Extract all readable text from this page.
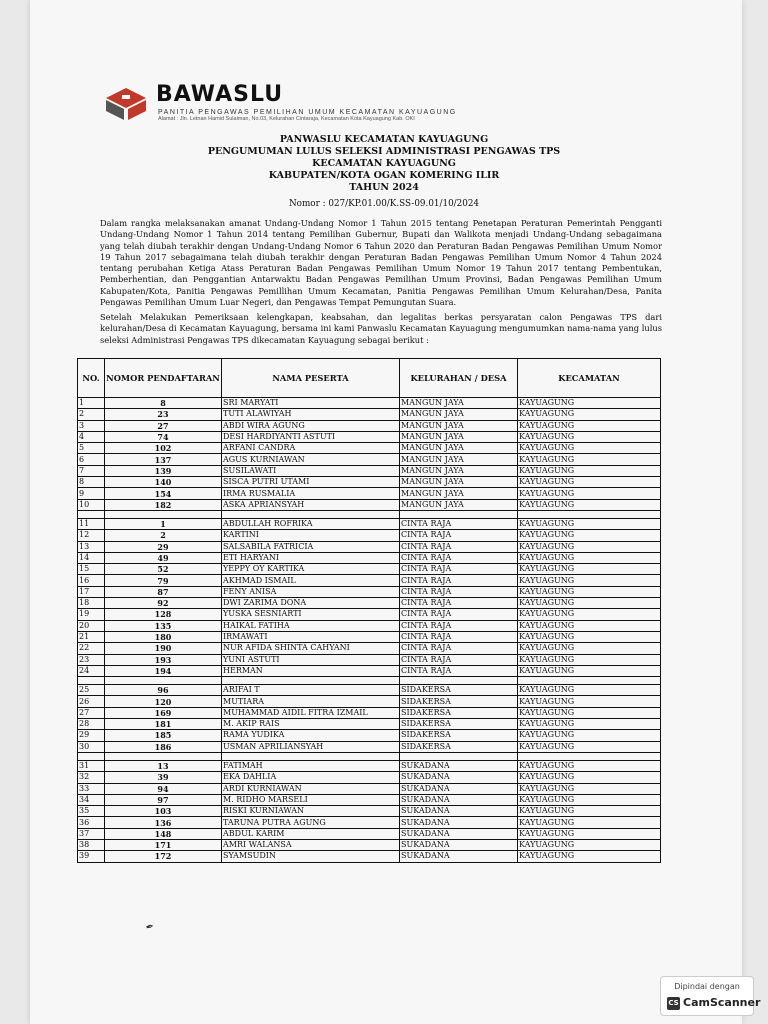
BAWASLU
PANITIA PENGAWAS PEMILIHAN UMUM KECAMATAN KAYUAGUNG
Alamat : Jln. Letnan Hamid Sulaiman, No.03, Kelurahan Cintaraja, Kecamatan Kota Kayuagung Kab. OKI
PANWASLU KECAMATAN KAYUAGUNG
PENGUMUMAN LULUS SELEKSI ADMINISTRASI PENGAWAS TPS
KECAMATAN KAYUAGUNG
KABUPATEN/KOTA OGAN KOMERING ILIR
TAHUN 2024
Nomor : 027/KP.01.00/K.SS-09.01/10/2024
Dalam rangka melaksanakan amanat Undang-Undang Nomor 1 Tahun 2015 tentang Penetapan Peraturan Pemerintah Pengganti Undang-Undang Nomor 1 Tahun 2014 tentang Pemilihan Gubernur, Bupati dan Walikota menjadi Undang-Undang sebagaimana yang telah diubah terakhir dengan Undang-Undang Nomor 6 Tahun 2020 dan Peraturan Badan Pengawas Pemilihan Umum Nomor 19 Tahun 2017 sebagaimana telah diubah terakhir dengan Peraturan Badan Pengawas Pemilihan Umum Nomor 4 Tahun 2024 tentang perubahan Ketiga Atass Peraturan Badan Pengawas Pemilihan Umum Nomor 19 Tahun 2017 tentang Pembentukan, Pemberhentian, dan Penggantian Antarwaktu Badan Pengawas Pemilihan Umum Provinsi, Badan Pengawas Pemilihan Umum Kabupaten/Kota, Panitia Pengawas Pemillihan Umum Kecamatan, Panitia Pengawas Pemilihan Umum Kelurahan/Desa, Panita Pengawas Pemilihan Umum Luar Negeri, dan Pengawas Tempat Pemungutan Suara.
Setelah Melakukan Pemeriksaan kelengkapan, keabsahan, dan legalitas berkas persyaratan calon Pengawas TPS dari kelurahan/Desa di Kecamatan Kayuagung, bersama ini kami Panwaslu Kecamatan Kayuagung mengumumkan nama-nama yang lulus seleksi Administrasi Pengawas TPS dikecamatan Kayuagung sebagai berikut :
NO.	NOMOR PENDAFTARAN	NAMA PESERTA	KELURAHAN / DESA	KECAMATAN
1	8	SRI MARYATI	MANGUN JAYA	KAYUAGUNG
2	23	TUTI ALAWIYAH	MANGUN JAYA	KAYUAGUNG
3	27	ABDI WIRA AGUNG	MANGUN JAYA	KAYUAGUNG
4	74	DESI HARDIYANTI ASTUTI	MANGUN JAYA	KAYUAGUNG
5	102	ARFANI CANDRA	MANGUN JAYA	KAYUAGUNG
6	137	AGUS KURNIAWAN	MANGUN JAYA	KAYUAGUNG
7	139	SUSILAWATI	MANGUN JAYA	KAYUAGUNG
8	140	SISCA PUTRI UTAMI	MANGUN JAYA	KAYUAGUNG
9	154	IRMA RUSMALIA	MANGUN JAYA	KAYUAGUNG
10	182	ASKA APRIANSYAH	MANGUN JAYA	KAYUAGUNG

11	1	ABDULLAH ROFRIKA	CINTA RAJA	KAYUAGUNG
12	2	KARTINI	CINTA RAJA	KAYUAGUNG
13	29	SALSABILA FATRICIA	CINTA RAJA	KAYUAGUNG
14	49	ETI HARYANI	CINTA RAJA	KAYUAGUNG
15	52	YEPPY OY KARTIKA	CINTA RAJA	KAYUAGUNG
16	79	AKHMAD ISMAIL	CINTA RAJA	KAYUAGUNG
17	87	FENY ANISA	CINTA RAJA	KAYUAGUNG
18	92	DWI ZARIMA DONA	CINTA RAJA	KAYUAGUNG
19	128	YUSKA SESNIARTI	CINTA RAJA	KAYUAGUNG
20	135	HAIKAL FATIHA	CINTA RAJA	KAYUAGUNG
21	180	IRMAWATI	CINTA RAJA	KAYUAGUNG
22	190	NUR AFIDA SHINTA CAHYANI	CINTA RAJA	KAYUAGUNG
23	193	YUNI ASTUTI	CINTA RAJA	KAYUAGUNG
24	194	HERMAN	CINTA RAJA	KAYUAGUNG

25	96	ARIFAI T	SIDAKERSA	KAYUAGUNG
26	120	MUTIARA	SIDAKERSA	KAYUAGUNG
27	169	MUHAMMAD AIDIL FITRA IZMAIL	SIDAKERSA	KAYUAGUNG
28	181	M. AKIP RAIS	SIDAKERSA	KAYUAGUNG
29	185	RAMA YUDIKA	SIDAKERSA	KAYUAGUNG
30	186	USMAN APRILIANSYAH	SIDAKERSA	KAYUAGUNG

31	13	FATIMAH	SUKADANA	KAYUAGUNG
32	39	EKA DAHLIA	SUKADANA	KAYUAGUNG
33	94	ARDI KURNIAWAN	SUKADANA	KAYUAGUNG
34	97	M. RIDHO MARSELI	SUKADANA	KAYUAGUNG
35	103	RISKI KURNIAWAN	SUKADANA	KAYUAGUNG
36	136	TARUNA PUTRA AGUNG	SUKADANA	KAYUAGUNG
37	148	ABDUL KARIM	SUKADANA	KAYUAGUNG
38	171	AMRI WALANSA	SUKADANA	KAYUAGUNG
39	172	SYAMSUDIN	SUKADANA	KAYUAGUNG
✒
Dipindai dengan
CS CamScanner
